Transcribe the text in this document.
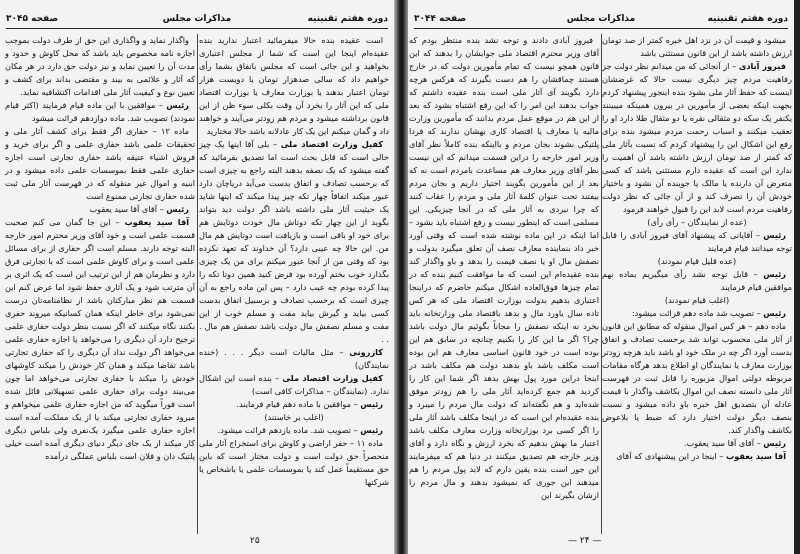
دوره هفتم تقنینیه
مذاکرات مجلس
صفحه ۳۰۴۵

است عقیده بنده حالا میفرمائید اعتبار ندارید بنده عقیده‌ام اینجا این است که شما از مجلس اعتباری بخواهید و این جائی است که مجلس باتفاق بشما رأی خواهیم داد که سالی صدهزار تومان یا دویست هزار تومان اعتبار بدهند یا بوزارت معارف یا بوزارت اقتصاد ملی که این آثار را بخرد آن وقت بکلی سوء ظن از این قانون برداشته میشود و مردم هم زودتر می‌آیند و خواهند داد و گمان میکنم این یک کار عادلانه باشد حالا مختارید

کفیل وزارت اقتصاد ملی – بلی آقا اینها یک چیز حالی است که قابل بحث است اما تصدیق بفرمائید که گفته میشود که یک نصفه بدهند البته راجع به چیزی است که برحسب تصادف و اتفاق بدست می‌آید دریاچان دارد عبور میکند اتفاقاً چهار تکه چیز پیدا میکند که اینها شاید یک حیثیت آثار ملی داشته باشد اگر دولت دید بتواند بگوید از این چهار تکه دوتاش مال خودت دوتایش هم برای خود او باقی است و بازیافت است دوتایش هم مال من. این حالا چه عیبی دارد؟ آن خداوند که تعهد نکرده بود که وقتی من از آنجا عبور میکنم برای من یک چیزی بگذارد خوب بختم آورده بود فرض کنید همین دوتا تکه را پیدا کرده بودم چه عیب دارد – پس این ماده راجع به آن چیزی است که برحسب تصادف و برسبیل اتفاق بدست کسی بیاید و گیرش بیاید مفت و مسلم خوب از این مفت و مسلم نصفش مال دولت باشد نصفش هم مال . . .

کازرونی – مثل مالیات است دیگر . . . (خنده نمایندگان)

کفیل وزارت اقتصاد ملی – بنده است این اشکال ندارد. (نمایندگان – مذاکرات کافی است)

رئیس – موافقین با ماده دهم قیام فرمایند.

(اغلب بر خاستند)

رئیس – تصویب شد. ماده یازدهم قرائت میشود.

ماده ۱۱ – حفر اراضی و کاوش برای استخراج آثار ملی منحصراً حق دولت است و دولت مختار است که باین حق مستقیماً عمل کند یا بموسسات علمی یا باشخاص یا شرکتها

واگذار نماید و واگذاری این حق از طرف دولت بموجب اجازه نامه مخصوص باید باشد که محل کاوش و حدود و مدت آن را تعیین نماید و نیز دولت حق دارد در هر مکان که آثار و علائمی به بیند و مقتضی بداند برای کشف و تعیین نوع و کیفیت آثار ملی اقدامات اکتشافیه نماید.

رئیس – موافقین با این ماده قیام فرمایند (اکثر قیام نمودند) تصویب شد. ماده دوازدهم قرائت میشود

ماده ۱۲ – حفاری اگر فقط برای کشف آثار ملی و تحقیقات علمی باشد حفاری علمی و اگر برای خرید و فروش اشیاء عتیقه باشد حفاری تجارتی است اجازه حفاری علمی فقط بموسسات علمی داده میشود و در ابنیه و اموال غیر منقوله که در فهرست آثار ملی ثبت شده حفاری تجارتی ممنوع است

رئیس – آقای آقا سید یعقوب

آقا سید یعقوب – این جا گمان می کنم صحبت قسمت علمی است و خود آقای وزیر محترم امور خارجه البته توجه دارند. مسلم است اگر حفاری از برای مسائل علمی است و برای کاوش علمی است که با تجارتی فرق دارد و نظرمان هم از این ترتیب این است که یک اثری بر آن مترتب شود و یک آثاری حفظ شود اما عرض کنم این قسمت هم نظر مبارکتان باشد از نظامنامه‌تان درست نمی‌شود برای خاطر اینکه همان کسانیکه میروند حفری بکنند نگاه میکنند که اگر نسبت بنظر دولت حفاری علمی ترجیح دارد آن دیگری را می‌خواهد یا اجازه حفاری علمی می‌خواهد اگر دولت نداد آن دیگری را که حفاری تجارتی باشد تقاضا میکند و همان کار خودش را میکند کاوشهای خودش را میکند با حفاری تجارتی می‌خواهد اما چون می‌بیند دولت برای حفاری علمی تسهیلاتی قائل شده است فوراً میگوید که من اجازه حفاری علمی میخواهم و میرود حفاری تجارتی میکند یا از یک مملکت آمده است اجازه حفاری علمی میگیرد یک‌نفری ولی بلباس دیگری کار میکند از یک جای دیگر دنیای دیگری آمده است خیلی پلتیک دان و فلان است بلباس عملگی درآمده

۲۵
دوره هفتم تقنینیه
مذاکرات مجلس
صفحه ۳۰۴۴

میشود و قیمت آن در نزد اهل خبره کمتر از صد تومان ارزش داشته باشد از این قانون مستثنی باشد

فیروز آبادی – از آنجائی که من میدانم نظر دولت جز رفاهیت مردم چیز دیگری نیست حالا که غرضشان اینست که حفظ آثار ملی بشود بنده اینجور پیشنهاد کردم بجهت اینکه بعضی از مأمورین در بیرون همینکه میبینند یکنفر یک سکه دو مثقالی نقره یا دو مثقال طلا دارد او را تعقیب میکنند و اسباب زحمت مردم میشود بنده برای رفع این اشکال این را پیشنهاد کردم که نسبت بآثار ملی که کمتر از صد تومان ارزش داشته باشد آن اهمیت را ندارد این است که عقیده دارم مستثنی باشد که کسی متعرض آن دارنده یا مالک یا جوینده آن نشود و باختیار خودش آن را تصرف کند و از آن جائی که نظر دولت رفاهیت مردم است لابد این را قبول خواهند فرمود

(عده از نمایندگان – رأی رأی)

رئیس – آقایانی که پیشنهاد آقای فیروز آبادی را قابل توجه میدانند قیام فرمایند

(عده قلیل قیام نمودند)

رئیس – قابل توجه نشد رأی میگیریم بماده نهم موافقین قیام فرمایند

(اغلب قیام نمودند)

رئیس – تصویب شد ماده دهم قرائت میشود:

ماده دهم – هر کس اموال منقوله که مطابق این قانون از آثار ملی محسوب تواند شد برحسب تصادف و اتفاق بدست آورد اگر چه در ملک خود او باشد باید هرچه زودتر بوزارت معارف یا نمایندگان او اطلاع بدهد هرگاه مقامات مربوطه دولتی اموال مزبوره را قابل ثبت در فهرست آثار ملی دانسته نصف این اموال بکاشف واگذار با قیمت عادله آن بتصدیق اهل خبره باو داده میشود و نسبت بنصف دیگر دولت اختیار دارد که ضبط یا بلاعوض بکاشف واگذار کند.

رئیس – آقای آقا سید یعقوب.

آقا سید یعقوب – اینجا در این پیشنهادی که آقای

فیروز آبادی دادند و توجه نشد بنده منتظر بودم که آقای وزیر محترم اقتصاد ملی جوابشان را بدهند که این قانون همچو نیست که تمام مأمورین دولت که در خارج هستند چماقشان را هم دست بگیرند که هرکس هرچه دارد بگویند آی آثار ملی است بنده عقیده داشتم که جواب بدهند این امر را که این رفع اشتباه بشود که بعد از این هم در موقع عمل مردم بدانند که مأمورین وزارت مالیه یا معارف یا اقتصاد کاری بهشان ندارند که فردا پلتیکی بشوند بجان مردم و بااینکه بنده کاملاً نظر آقای وزیر امور خارجه را دراین قسمت میدانم که این نیست نظر آقای وزیر معارف هم مساعدت بامردم است نه که بعد از این مأمورین بگویند اختیار داریم و بجان مردم بیفتند تحت عنوان کلمهٔ آثار ملی و مردم را عقاب کنند که چرا نبردی به آثار ملی که در آنجا چیزیکی. این مسلمی است که اینطور نیست و رفع اشتباه باید بشود – اما اینکه در این ماده نوشته شده است که وقتی آورد خبر داد بنماینده معارف نصف آن تعلق میگیرد بدولت و نصفش مال او یا نصف قیمت را بدهد و باو واگذار کند بنده عقیده‌ام این است که ما موافقت کنیم بنده که در تمام چیزها فوق‌العاده اشکال میکنم حاضرم که دراینجا اعتباری بدهیم بدولت بوزارت اقتصاد ملی که هر کس تاده سال یاورد مال و بدهد باقتصاد ملی وزارتخانه باید بخرد نه اینکه نصفش را مجاناً بگوئیم مال دولت باشد چرا؟ اگر ما این کار را بکنیم چنانچه در سابق هم این بوده است در خود قانون اساسی معارف هم این بوده است مکلف باشد باو بدهند دولت هم مکلف باشد در اینجا دراین مورد پول بهش بدهد اگر شما این کار را کردید هم جمع کرده‌اید آثار ملی را هم زودتر موفق شده‌اید و هم نگفته‌اند که دولت مال مردم را میبرد و بنده عقیده‌ام این است که در اینجا مکلف باشد آثار ملی را اگر کسی برد بوزارتخانه وزارت معارف مکلف باشد اعتبار ما بهش بدهیم که بخرد ارزش و نگاه دارد و آقای وزیر خارجه هم تصدیق میکنند در دنیا هم که میفرمایند این جور است بنده یقین دارم که لابد پول مردم را هم میدهند این جوری که نمیشود بدهند و مال مردم را ازشان بگیرند این

— ۲۴ —
